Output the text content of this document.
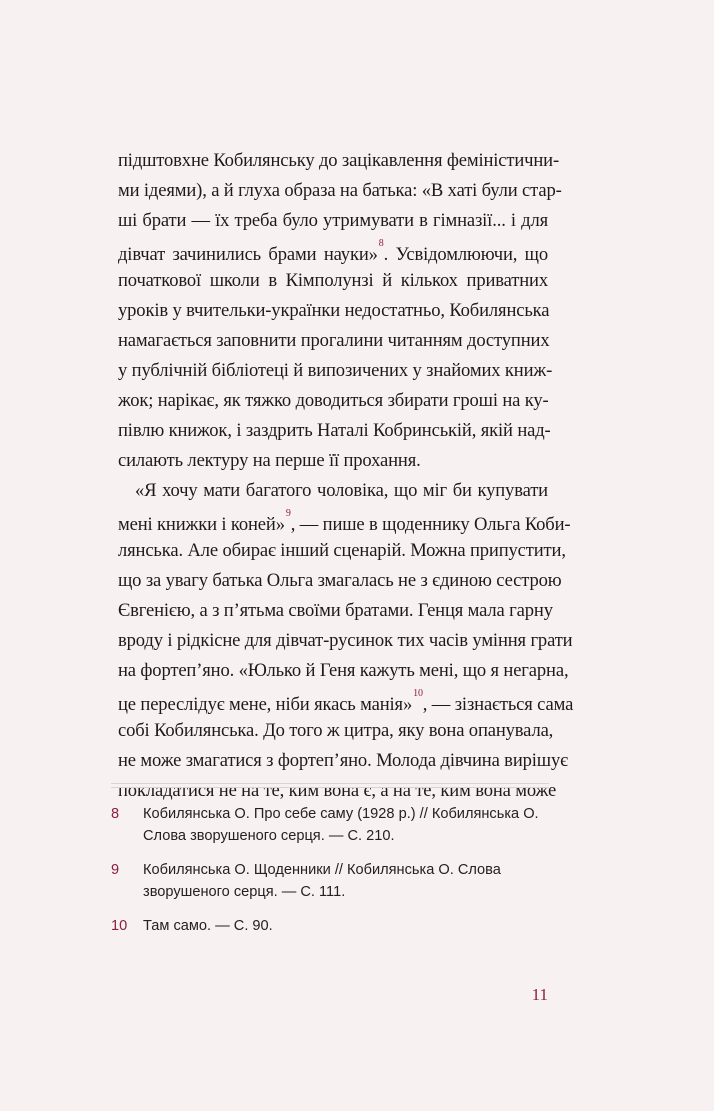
підштовхне Кобилянську до зацікавлення феміністични-
ми ідеями), а й глуха образа на батька: «В хаті були стар-
ші брати — їх треба було утримувати в гімназії... і для
дівчат зачинились брами науки»$^8$. Усвідомлюючи, що
початкової школи в Кімполунзі й кількох приватних
уроків у вчительки-українки недостатньо, Кобилянська
намагається заповнити прогалини читанням доступних
у публічній бібліотеці й випозичених у знайомих книж-
жок; нарікає, як тяжко доводиться збирати гроші на ку-
півлю книжок, і заздрить Наталі Кобринській, якій над-
силають лектуру на перше її прохання.
«Я хочу мати багатого чоловіка, що міг би купувати
мені книжки і коней»$^9$, — пише в щоденнику Ольга Коби-
лянська. Але обирає інший сценарій. Можна припустити,
що за увагу батька Ольга змагалась не з єдиною сестрою
Євгенією, а з п’ятьма своїми братами. Генця мала гарну
вроду і рідкісне для дівчат-русинок тих часів уміння грати
на фортеп’яно. «Юлько й Геня кажуть мені, що я негарна,
це переслідує мене, ніби якась манія»$^{10}$, — зізнається сама
собі Кобилянська. До того ж цитра, яку вона опанувала,
не може змагатися з фортеп’яно. Молода дівчина вирішує
покладатися не на те, ким вона є, а на те, ким вона може
8 Кобилянська О. Про себе саму (1928 р.) // Кобилянська О.
Слова зворушеного серця. — С. 210.
9 Кобилянська О. Щоденники // Кобилянська О. Слова
зворушеного серця. — С. 111.
10 Там само. — С. 90.
11
